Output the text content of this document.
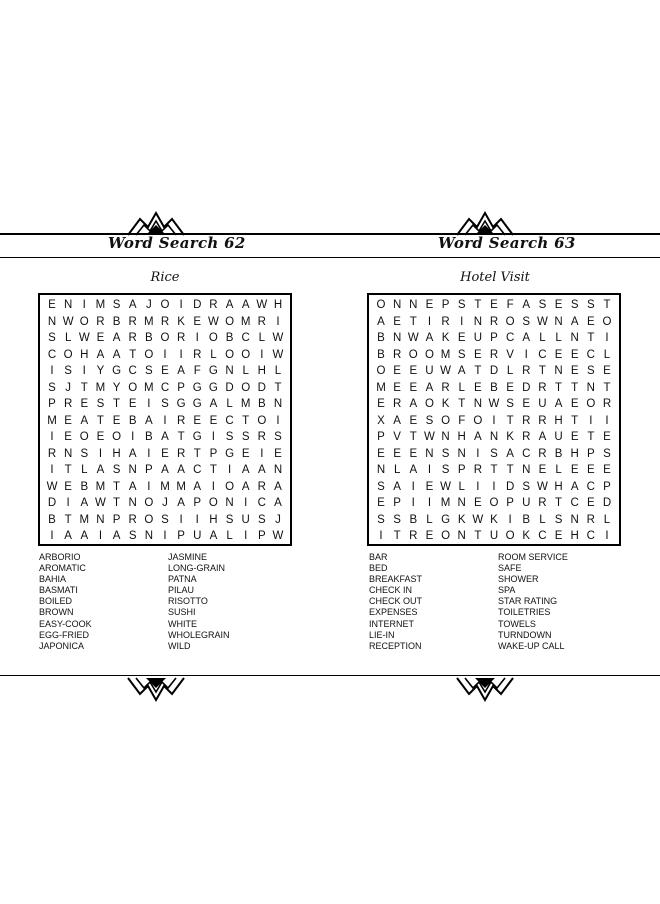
Word Search 62
Rice
E N I M S A J O I D R A A W H
N W O R B R M R K E W O M R I
S L W E A R B O R I O B C L W
C O H A A T O I	I R L O O I W
I S I Y G C S E A F G N L H L
S J T M Y O M C P G G D O D T
P R E S T E I S G G A L M B N
M E A T E B A I R E E C T O I
I E O E O I B A T G I S S R S
R N S I H A I E R T P G E I E
I T L A S N P A A C T I A A N
W E B M T A I M M A I O A R A
D I A W T N O J A P O N I C A
B T M N P R O S I	I H S U S J
I A A I A S N I P U A L I P W
ARBORIO
AROMATIC
BAHIA
BASMATI
BOILED
BROWN
EASY-COOK
EGG-FRIED
JAPONICA
JASMINE
LONG-GRAIN
PATNA
PILAU
RISOTTO
SUSHI
WHITE
WHOLEGRAIN
WILD
Word Search 63
Hotel Visit
O N N E P S T E F A S E S S T
A E T I R I N R O S W N A E O
B N W A K E U P C A L L N T I
B R O O M S E R V I C E E C L
O E E U W A T D L R T N E S E
M E E A R L E B E D R T T N T
E R A O K T N W S E U A E O R
X A E S O F O I T R R H T I	I
P V T W N H A N K R A U E T E
E E E N S N I S A C R B H P S
N L A I S P R T T N E L E E E
S A I E W L I	I D S W H A C P
E P I	I M N E O P U R T C E D
S S B L G K W K I B L S N R L
I T R E O N T U O K C E H C I
BAR
BED
BREAKFAST
CHECK IN
CHECK OUT
EXPENSES
INTERNET
LIE-IN
RECEPTION
ROOM SERVICE
SAFE
SHOWER
SPA
STAR RATING
TOILETRIES
TOWELS
TURNDOWN
WAKE-UP CALL
